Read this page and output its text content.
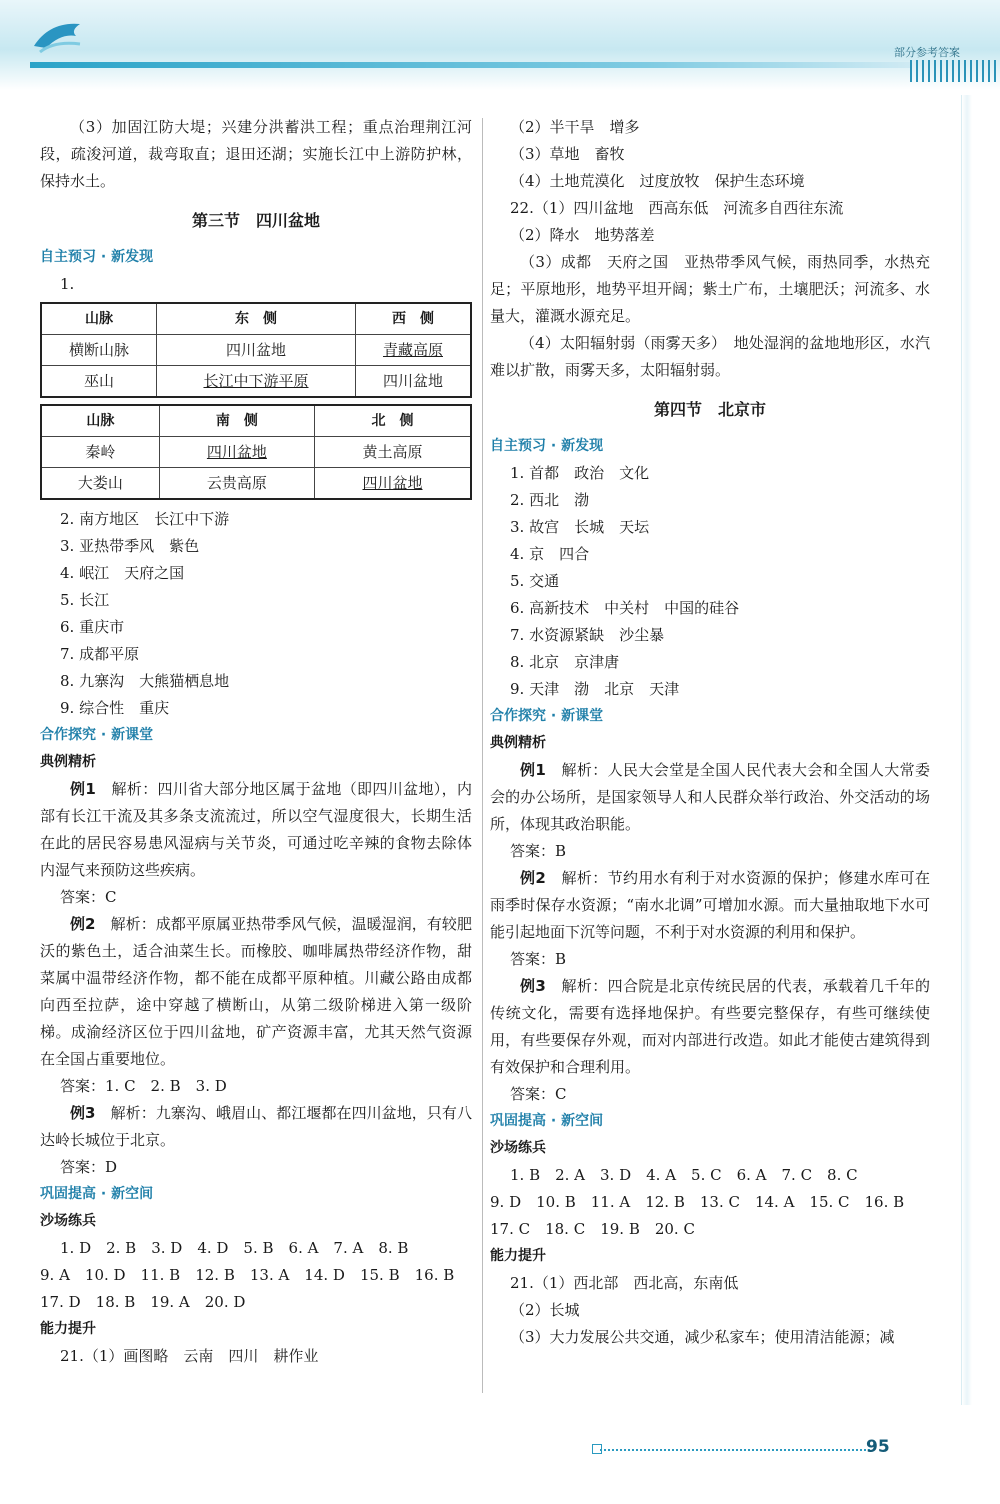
部分参考答案

（3）加固江防大堤；兴建分洪蓄洪工程；重点治理荆江河段，疏浚河道，裁弯取直；退田还湖；实施长江中上游防护林，保持水土。

第三节　四川盆地

自主预习 · 新发现

1.

山脉	东　侧	西　侧
横断山脉	四川盆地	青藏高原
巫山	长江中下游平原	四川盆地
山脉	南　侧	北　侧
秦岭	四川盆地	黄土高原
大娄山	云贵高原	四川盆地

2. 南方地区　长江中下游

3. 亚热带季风　紫色

4. 岷江　天府之国

5. 长江

6. 重庆市

7. 成都平原

8. 九寨沟　大熊猫栖息地

9. 综合性　重庆

合作探究 · 新课堂

典例精析

例1　 解析：四川省大部分地区属于盆地（即四川盆地），内部有长江干流及其多条支流流过，所以空气湿度很大，长期生活在此的居民容易患风湿病与关节炎，可通过吃辛辣的食物去除体内湿气来预防这些疾病。

答案：C

例2　 解析：成都平原属亚热带季风气候，温暖湿润，有较肥沃的紫色土，适合油菜生长。而橡胶、咖啡属热带经济作物，甜菜属中温带经济作物，都不能在成都平原种植。川藏公路由成都向西至拉萨，途中穿越了横断山，从第二级阶梯进入第一级阶梯。成渝经济区位于四川盆地，矿产资源丰富，尤其天然气资源在全国占重要地位。

答案：1. C　2. B　3. D

例3　 解析：九寨沟、峨眉山、都江堰都在四川盆地，只有八达岭长城位于北京。

答案：D

巩固提高 · 新空间

沙场练兵

1. D　2. B　3. D　4. D　5. B　6. A　7. A　8. B

9. A　10. D　11. B　12. B　13. A　14. D　15. B　16. B

17. D　18. B　19. A　20. D

能力提升

21.（1）画图略　云南　四川　耕作业

（2）半干旱　增多

（3）草地　畜牧

（4）土地荒漠化　过度放牧　保护生态环境

22.（1）四川盆地　西高东低　河流多自西往东流

（2）降水　地势落差

（3）成都　天府之国　亚热带季风气候，雨热同季，水热充足；平原地形，地势平坦开阔；紫土广布，土壤肥沃；河流多、水量大，灌溉水源充足。

（4）太阳辐射弱（雨雾天多）　地处湿润的盆地地形区，水汽难以扩散，雨雾天多，太阳辐射弱。

第四节　北京市

自主预习 · 新发现

1. 首都　政治　文化

2. 西北　渤

3. 故宫　长城　天坛

4. 京　四合

5. 交通

6. 高新技术　中关村　中国的硅谷

7. 水资源紧缺　沙尘暴

8. 北京　京津唐

9. 天津　渤　北京　天津

合作探究 · 新课堂

典例精析

例1　 解析：人民大会堂是全国人民代表大会和全国人大常委会的办公场所，是国家领导人和人民群众举行政治、外交活动的场所，体现其政治职能。

答案：B

例2　 解析：节约用水有利于对水资源的保护；修建水库可在雨季时保存水资源；“南水北调”可增加水源。而大量抽取地下水可能引起地面下沉等问题，不利于对水资源的利用和保护。

答案：B

例3　 解析：四合院是北京传统民居的代表，承载着几千年的传统文化，需要有选择地保护。有些要完整保存，有些可继续使用，有些要保存外观，而对内部进行改造。如此才能使古建筑得到有效保护和合理利用。

答案：C

巩固提高 · 新空间

沙场练兵

1. B　2. A　3. D　4. A　5. C　6. A　7. C　8. C

9. D　10. B　11. A　12. B　13. C　14. A　15. C　16. B

17. C　18. C　19. B　20. C

能力提升

21.（1）西北部　西北高，东南低

（2）长城

（3）大力发展公共交通，减少私家车；使用清洁能源；减

95
